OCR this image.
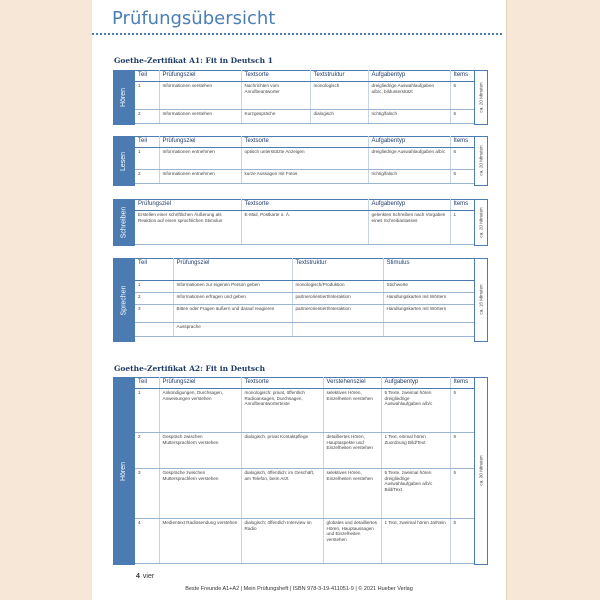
Prüfungsübersicht
Goethe-Zertifikat A1: Fit in Deutsch 1
Hören
Teil	Prüfungsziel	Textsorte	Textstruktur	Aufgabentyp	Items
1	Informationen verstehen	Nachrichten vom Anrufbeantworter	monologisch	dreigliedrige Auswahlaufgaben a/b/c, bildunterstützt	6
2	Informationen verstehen	Kurzgespräche	dialogisch	richtig/falsch	6
ca. 20 Minuten
Lesen
Teil	Prüfungsziel	Textsorte	Aufgabentyp	Items
1	Informationen entnehmen	optisch unterstützte Anzeigen	dreigliedrige Auswahlaufgaben a/b/c	6
2	Informationen entnehmen	kurze Aussagen mit Fotos	richtig/falsch	6	ca. 20 Minuten
Schreiben
Prüfungsziel	Textsorte	Aufgabentyp	Items
Erstellen einer schriftlichen Äußerung als Reaktion auf einen sprachlichen Stimulus	E-Mail, Postkarte o. Ä.	gelenktes Schreiben nach Vorgaben eines Schreibanlasses	1	ca. 20 Minuten
Sprechen
Teil	Prüfungsziel	Textstruktur	Stimulus
1	Informationen zur eigenen Person geben	monologisch/Produktion	Stichworte
2	Informationen erfragen und geben	partnerorientiert/Interaktion	Handlungskarten mit Wörtern
3	Bitten oder Fragen äußern und darauf reagieren	partnerorientiert/Interaktion	Handlungskarten mit Wörtern
	Aussprache		
ca. 15 Minuten
Goethe-Zertifikat A2: Fit in Deutsch
Hören
Teil	Prüfungsziel	Textsorte	Verstehensziel	Aufgabentyp	Items
1	Ankündigungen, Durchsagen, Anweisungen verstehen	monologisch: privat, öffentlich Radioansagen, Durchsagen, Anrufbeantwortertexte	selektives Hören, Einzelheiten verstehen	5 Texte, zweimal hören dreigliedrige Auswahlaufgaben a/b/c	5
2	Gespräch zwischen Muttersprachlern verstehen	dialogisch, privat Kontaktpflege	detailliertes Hören, Hauptaspekte und Einzelheiten verstehen	1 Text, einmal hören Zuordnung Bild/Text	5
3	Gespräche zwischen Muttersprachlern verstehen	dialogisch, öffentlich: im Geschäft, am Telefon, beim Arzt	selektives Hören, Einzelheiten verstehen	5 Texte, zweimal hören dreigliedrige Auswahlaufgaben a/b/c Bild/Text	5
4	Medientext Radiosendung verstehen	dialogisch; öffentlich Interview im Radio	globales und detailliertes Hören, Hauptaussagen und Einzelheiten verstehen	1 Text, zweimal hören Ja/Nein	5
ca. 30 Minuten
4 vier
Beste Freunde A1+A2 | Mein Prüfungsheft | ISBN 978-3-19-411051-9 | © 2021 Hueber Verlag
